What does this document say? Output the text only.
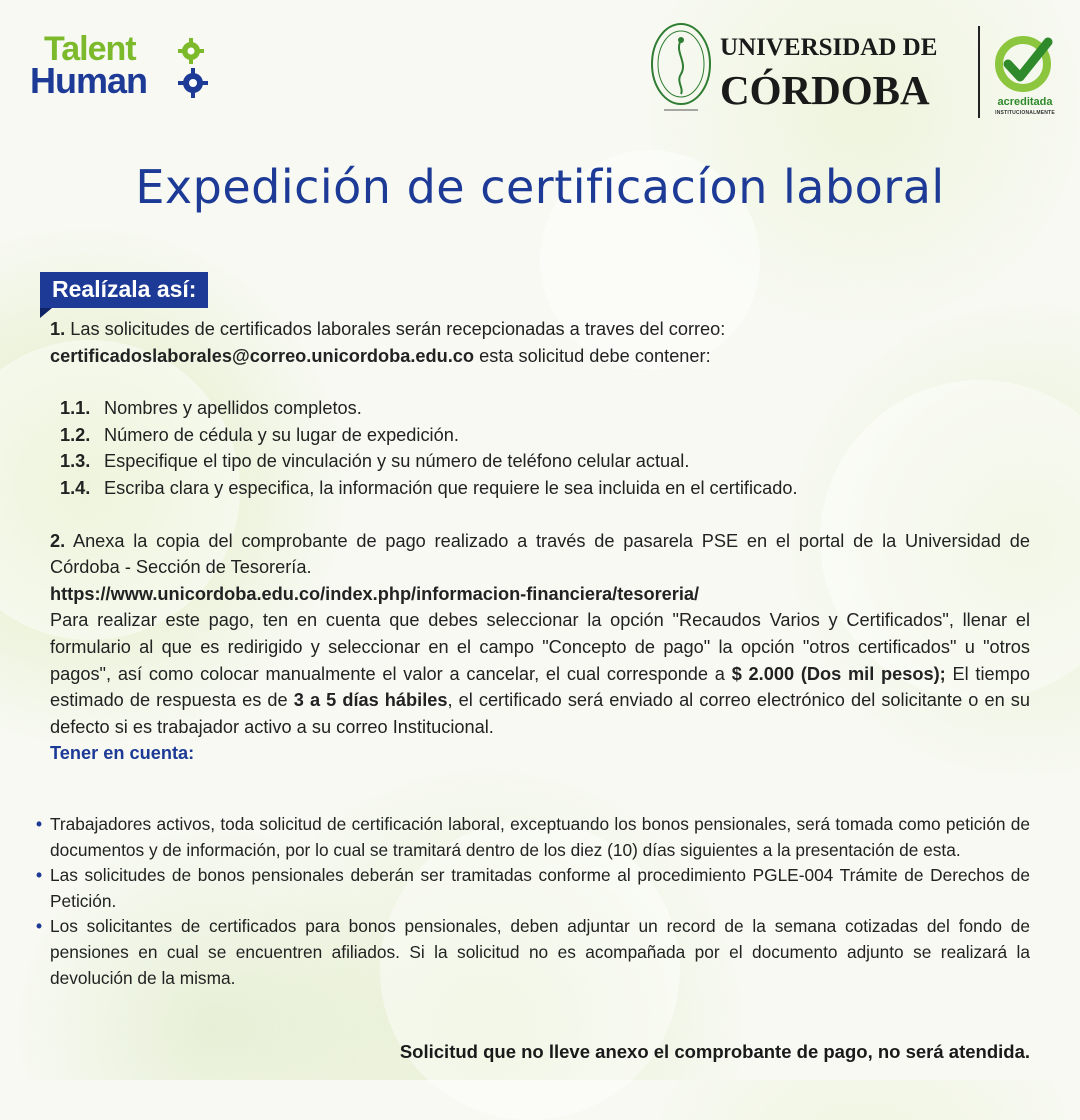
Talent
Human
UNIVERSIDAD DE
CÓRDOBA	acreditada
INSTITUCIONALMENTE
Expedición de certificacíon laboral
Realízala así:

1. Las solicitudes de certificados laborales serán recepcionadas a traves del correo:
certificadoslaborales@correo.unicordoba.edu.co esta solicitud debe contener:

1.1. Nombres y apellidos completos.
1.2. Número de cédula y su lugar de expedición.
1.3. Especifique el tipo de vinculación y su número de teléfono celular actual.
1.4. Escriba clara y especifica, la información que requiere le sea incluida en el certificado.

2. Anexa la copia del comprobante de pago realizado a través de pasarela PSE en el portal de la Universidad de Córdoba - Sección de Tesorería.
https://www.unicordoba.edu.co/index.php/informacion-financiera/tesoreria/
Para realizar este pago, ten en cuenta que debes seleccionar la opción "Recaudos Varios y Certificados", llenar el formulario al que es redirigido y seleccionar en el campo "Concepto de pago" la opción "otros certificados" u "otros pagos", así como colocar manualmente el valor a cancelar, el cual corresponde a $ 2.000 (Dos mil pesos); El tiempo estimado de respuesta es de 3 a 5 días hábiles, el certificado será enviado al correo electrónico del solicitante o en su defecto si es trabajador activo a su correo Institucional.

Tener en cuenta:

• Trabajadores activos, toda solicitud de certificación laboral, exceptuando los bonos pensionales, será tomada como petición de documentos y de información, por lo cual se tramitará dentro de los diez (10) días siguientes a la presentación de esta.
• Las solicitudes de bonos pensionales deberán ser tramitadas conforme al procedimiento PGLE-004 Trámite de Derechos de Petición.
• Los solicitantes de certificados para bonos pensionales, deben adjuntar un record de la semana cotizadas del fondo de pensiones en cual se encuentren afiliados. Si la solicitud no es acompañada por el documento adjunto se realizará la devolución de la misma.
Solicitud que no lleve anexo el comprobante de pago, no será atendida.
